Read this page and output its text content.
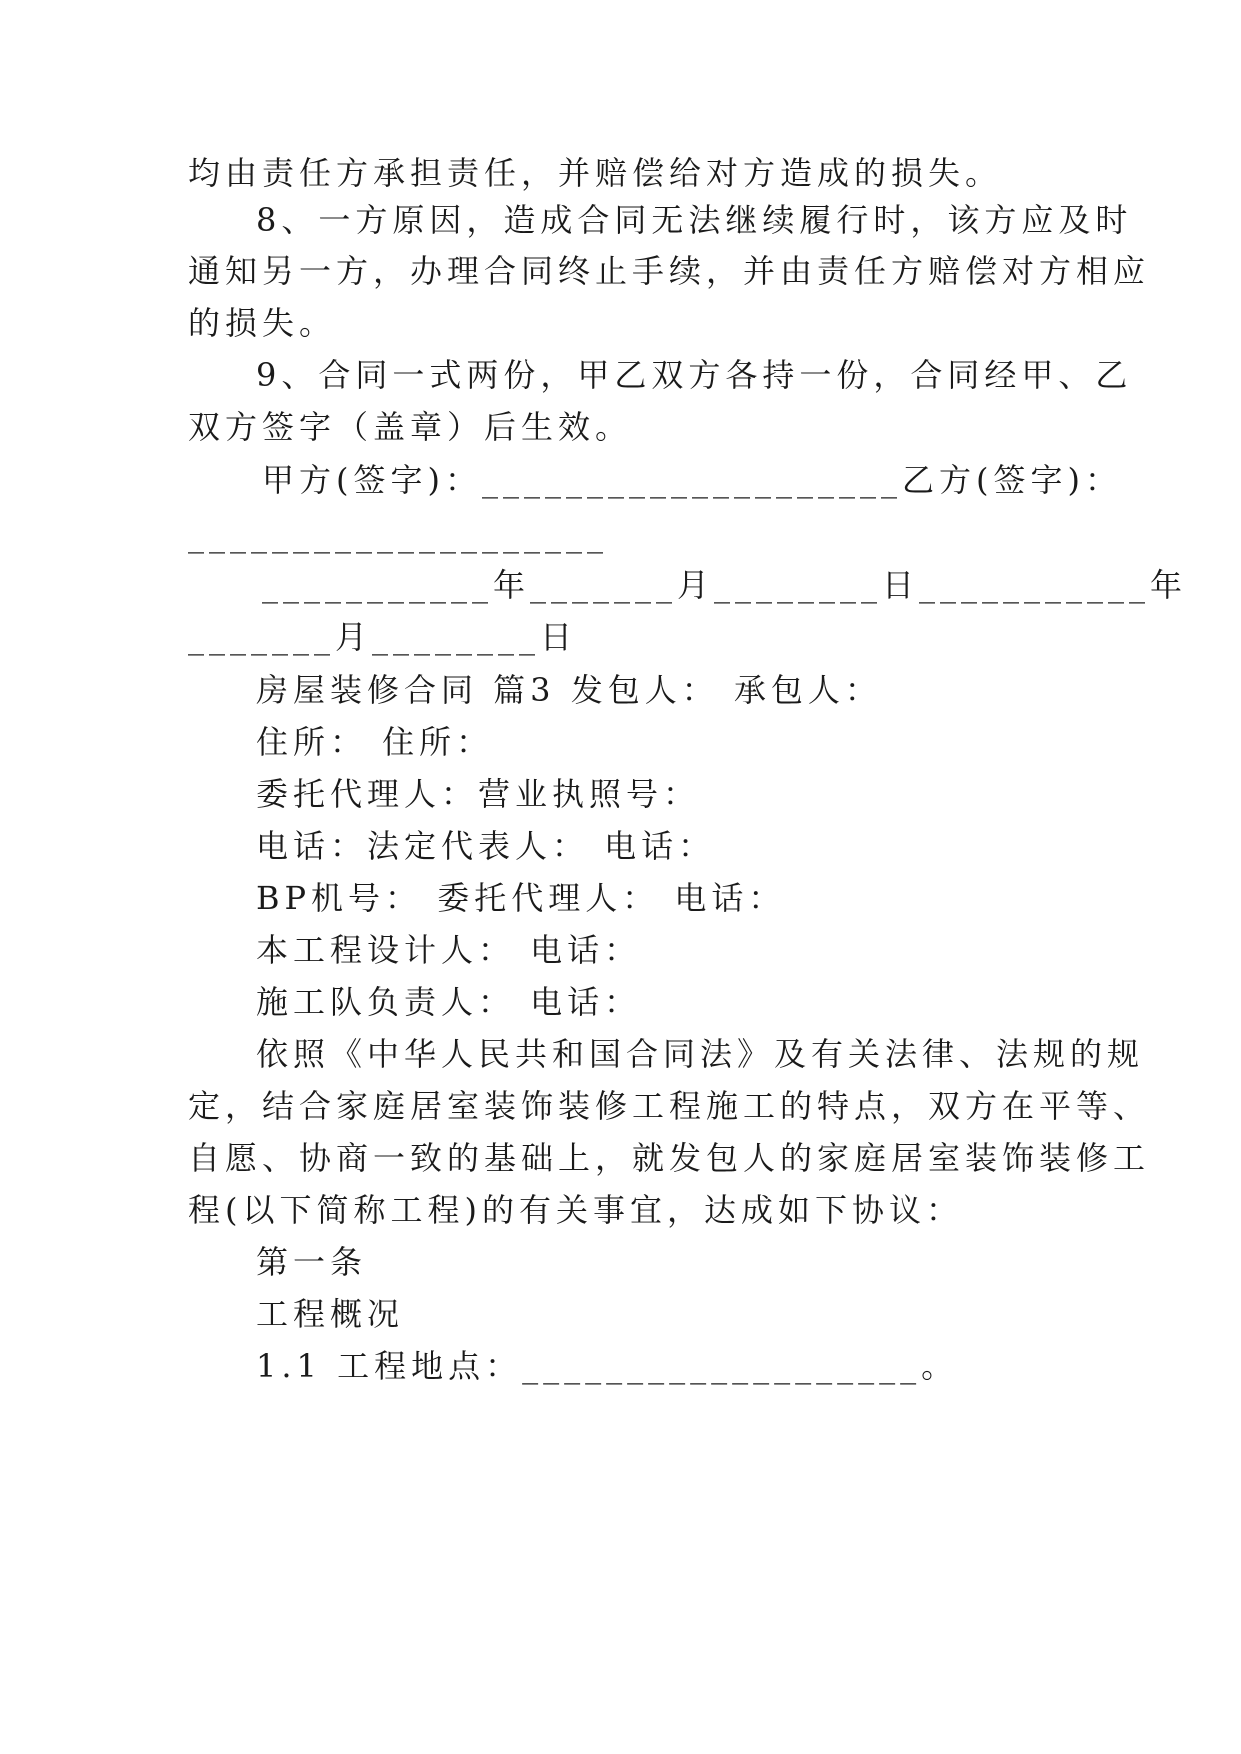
均由责任方承担责任，并赔偿给对方造成的损失。
8、一方原因，造成合同无法继续履行时，该方应及时
通知另一方，办理合同终止手续，并由责任方赔偿对方相应
的损失。
9、合同一式两份，甲乙双方各持一份，合同经甲、乙
双方签字（盖章）后生效。
甲方(签字)：____________________乙方(签字)：
____________________
___________年_______月________日___________年
_______月________日
房屋装修合同 篇3 发包人： 承包人：
住所： 住所：
委托代理人：营业执照号：
电话：法定代表人： 电话：
BP机号： 委托代理人： 电话：
本工程设计人： 电话：
施工队负责人： 电话：
依照《中华人民共和国合同法》及有关法律、法规的规
定，结合家庭居室装饰装修工程施工的特点，双方在平等、
自愿、协商一致的基础上，就发包人的家庭居室装饰装修工
程(以下简称工程)的有关事宜，达成如下协议：
第一条
工程概况
1.1 工程地点：___________________。
